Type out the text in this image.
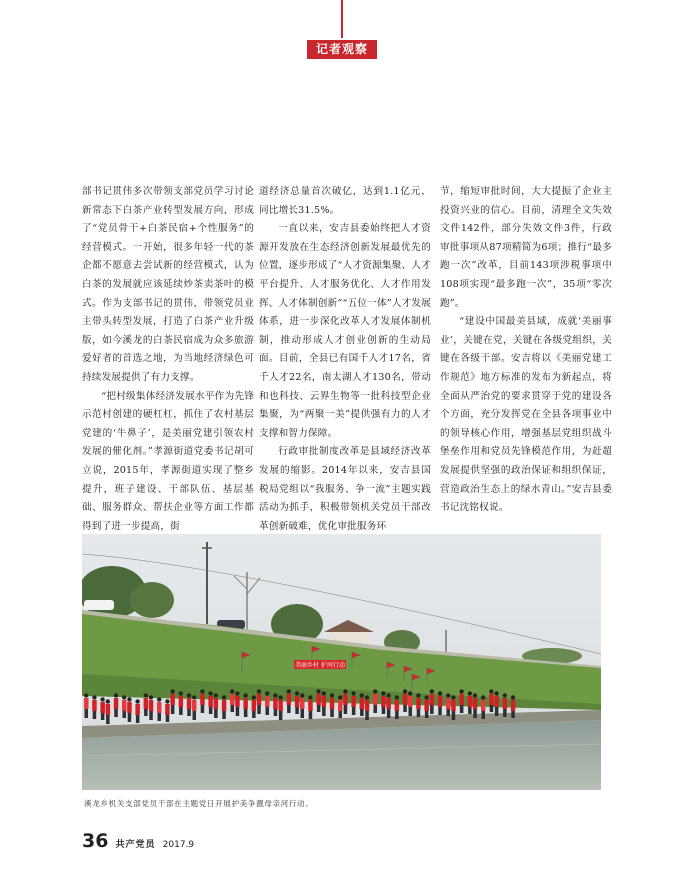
记者观察

部书记贯伟多次带领支部党员学习讨论新常态下白茶产业转型发展方向，形成了“党员骨干+白茶民宿+个性服务”的经营模式。一开始，很多年轻一代的茶企都不愿意去尝试新的经营模式，认为白茶的发展就应该延续炒茶卖茶叶的模式。作为支部书记的贯伟，带领党员业主带头转型发展，打造了白茶产业升级版，如今溪龙的白茶民宿成为众多旅游爱好者的首选之地，为当地经济绿色可持续发展提供了有力支撑。

“把村级集体经济发展水平作为先锋示范村创建的硬杠杠，抓住了农村基层党建的‘牛鼻子’，是美丽党建引领农村发展的催化剂。”孝源街道党委书记胡可立说，2015年，孝源街道实现了整乡提升，班子建设、干部队伍、基层基础、服务群众、帮扶企业等方面工作都得到了进一步提高，街

道经济总量首次破亿，达到1.1亿元，同比增长31.5%。

一直以来，安吉县委始终把人才资源开发放在生态经济创新发展最优先的位置，逐步形成了“人才资源集聚、人才平台提升、人才服务优化、人才作用发挥、人才体制创新”“五位一体”人才发展体系，进一步深化改革人才发展体制机制，推动形成人才创业创新的生动局面。目前，全县已有国千人才17名，省千人才22名，南太湖人才130名，带动和也科技、云界生物等一批科技型企业集聚，为“两聚一美”提供强有力的人才支撑和智力保障。

行政审批制度改革是县域经济改革发展的缩影。2014年以来，安吉县国税局党组以“我服务、争一流”主题实践活动为抓手，积极带领机关党员干部改革创新破难，优化审批服务环

节，缩短审批时间，大大提振了企业主投资兴业的信心。目前，清理全文失效文件142件，部分失效文件3件，行政审批事项从87项精简为6项；推行“最多跑一次”改革，目前143项涉税事项中108项实现“最多跑一次”，35项“零次跑”。

“建设中国最美县域，成就‘美丽事业’，关键在党，关键在各级党组织，关键在各级干部。安吉将以《美丽党建工作规范》地方标准的发布为新起点，将全面从严治党的要求贯穿于党的建设各个方面，充分发挥党在全县各项事业中的领导核心作用，增强基层党组织战斗堡垒作用和党员先锋模范作用，为赶超发展提供坚强的政治保证和组织保证，营造政治生态上的绿水青山。”安吉县委书记沈铭权说。

美丽乡村 护河行动
溪龙乡机关支部党员干部在主题党日开展护美争靓母亲河行动。
36 共产党员 2017.9
